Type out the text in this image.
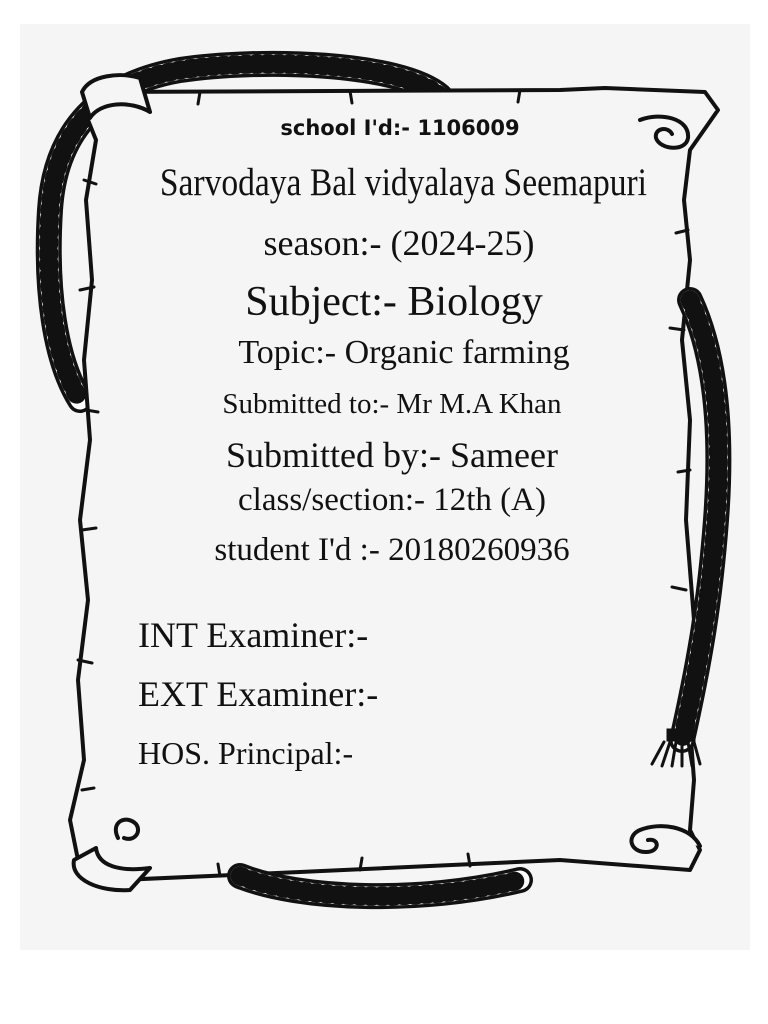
school I'd:- 1106009
Sarvodaya Bal vidyalaya Seemapuri
season:- (2024-25)
Subject:- Biology
Topic:- Organic farming
Submitted to:- Mr M.A Khan
Submitted by:- Sameer
class/section:- 12th (A)
student I'd :- 20180260936
INT Examiner:-
EXT Examiner:-
HOS. Principal:-
